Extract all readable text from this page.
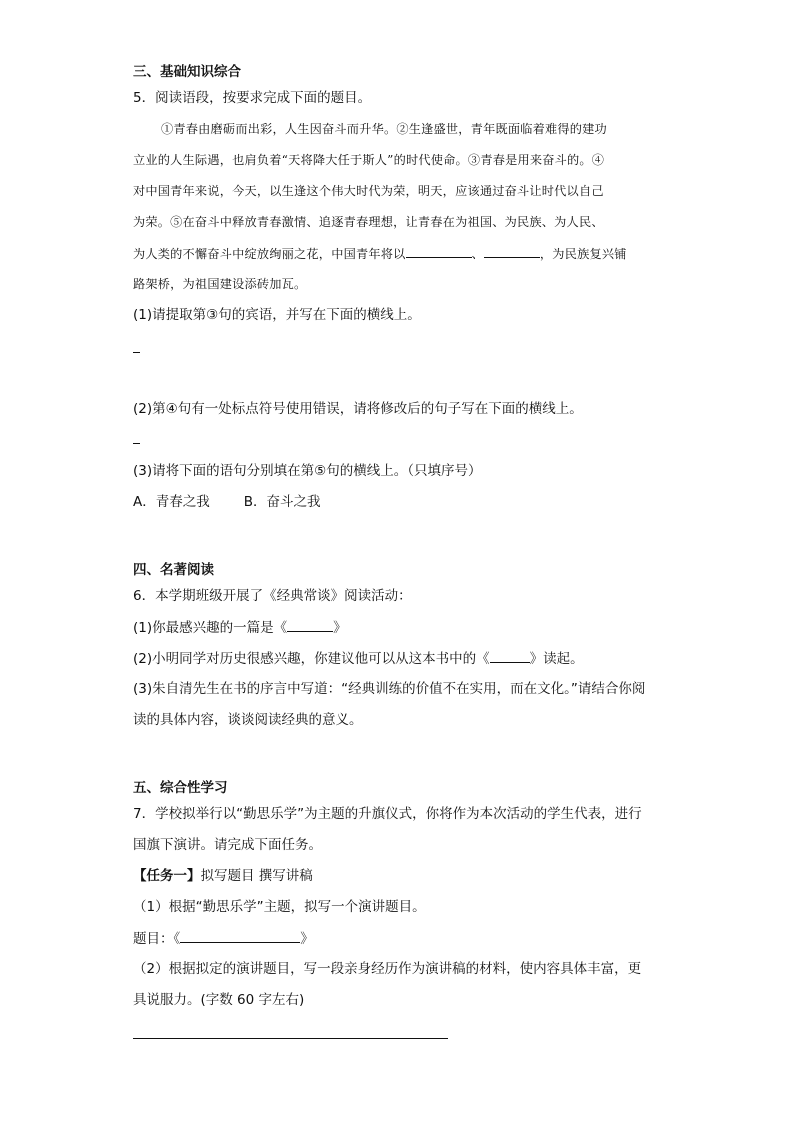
三、基础知识综合
5．阅读语段，按要求完成下面的题目。
①青春由磨砺而出彩，人生因奋斗而升华。②生逢盛世，青年既面临着难得的建功
立业的人生际遇，也肩负着“天将降大任于斯人”的时代使命。③青春是用来奋斗的。④
对中国青年来说，今天，以生逢这个伟大时代为荣，明天，应该通过奋斗让时代以自己
为荣。⑤在奋斗中释放青春激情、追逐青春理想，让青春在为祖国、为民族、为人民、
为人类的不懈奋斗中绽放绚丽之花，中国青年将以	、	，为民族复兴铺
路架桥，为祖国建设添砖加瓦。
(1)请提取第③句的宾语，并写在下面的横线上。
(2)第④句有一处标点符号使用错误，请将修改后的句子写在下面的横线上。
(3)请将下面的语句分别填在第⑤句的横线上。（只填序号）
A．青春之我	B．奋斗之我
四、名著阅读
6．本学期班级开展了《经典常谈》阅读活动：
(1)你最感兴趣的一篇是《	》
(2)小明同学对历史很感兴趣，你建议他可以从这本书中的《	》读起。
(3)朱自清先生在书的序言中写道：“经典训练的价值不在实用，而在文化。”请结合你阅
读的具体内容，谈谈阅读经典的意义。
五、综合性学习
7．学校拟举行以“勤思乐学”为主题的升旗仪式，你将作为本次活动的学生代表，进行
国旗下演讲。请完成下面任务。
【任务一】拟写题目 撰写讲稿
（1）根据“勤思乐学”主题，拟写一个演讲题目。
题目：《	》
（2）根据拟定的演讲题目，写一段亲身经历作为演讲稿的材料，使内容具体丰富，更
具说服力。(字数 60 字左右)
